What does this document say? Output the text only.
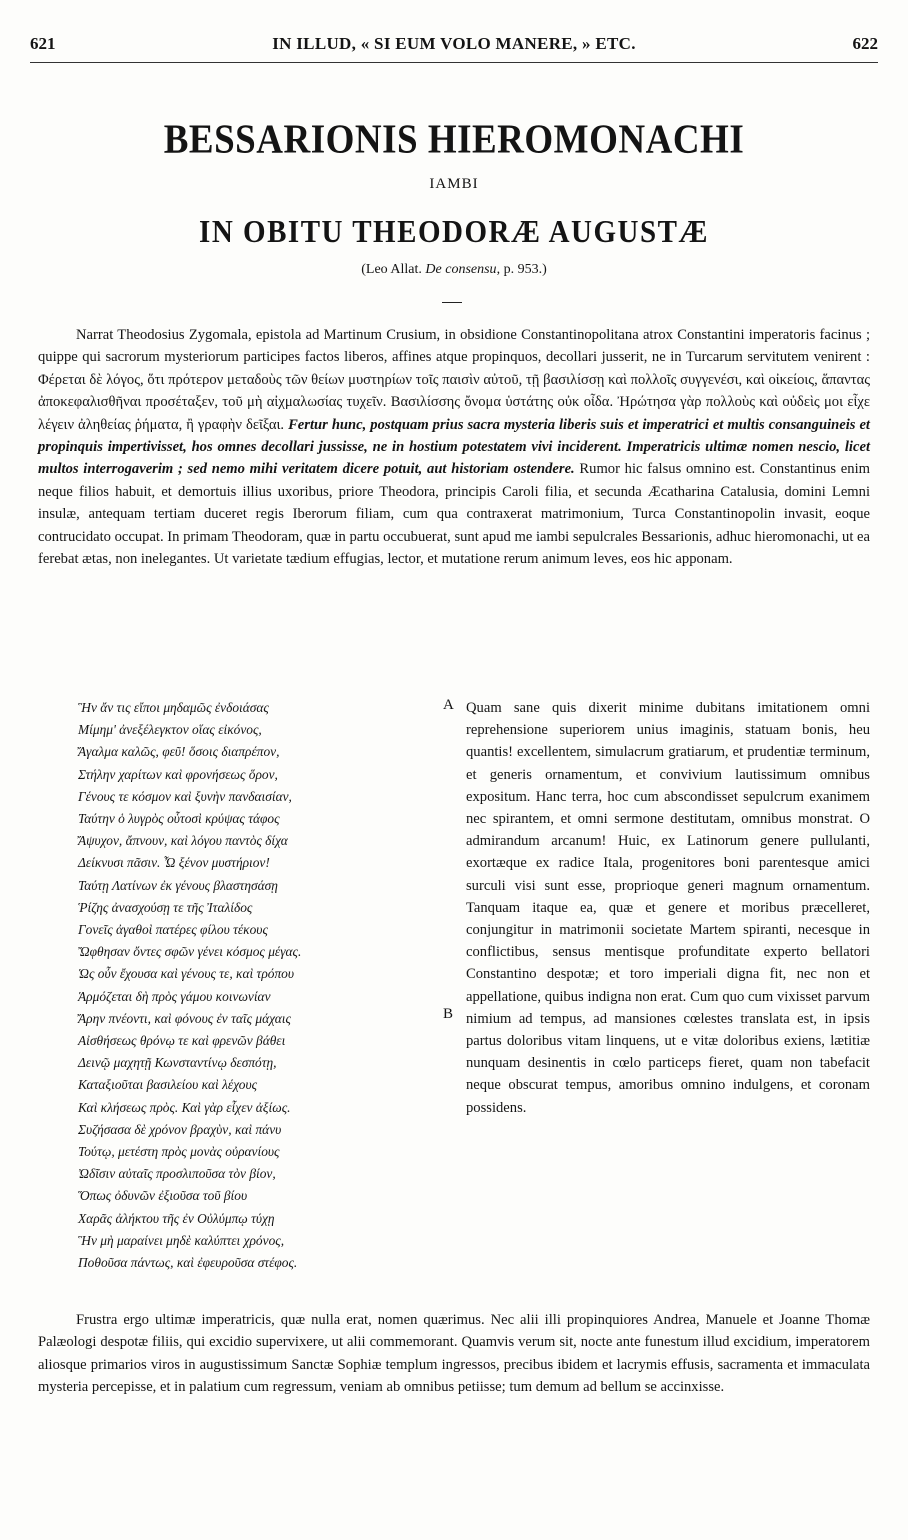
621	IN ILLUD, « SI EUM VOLO MANERE, » ETC.	622
BESSARIONIS HIEROMONACHI
IAMBI
IN OBITU THEODORÆ AUGUSTÆ
(Leo Allat. De consensu, p. 953.)

Narrat Theodosius Zygomala, epistola ad Martinum Crusium, in obsidione Constantinopolitana atrox Constantini imperatoris facinus ; quippe qui sacrorum mysteriorum participes factos liberos, affines atque propinquos, decollari jusserit, ne in Turcarum servitutem venirent : Φέρεται δὲ λόγος, ὅτι πρότερον μεταδοὺς τῶν θείων μυστηρίων τοῖς παισὶν αὐτοῦ, τῇ βασιλίσσῃ καὶ πολλοῖς συγγενέσι, καὶ οἰκείοις, ἅπαντας ἀποκεφαλισθῆναι προσέταξεν, τοῦ μὴ αἰχμαλωσίας τυχεῖν. Βασιλίσσης ὄνομα ὑστάτης οὐκ οἶδα. Ἠρώτησα γὰρ πολλοὺς καὶ οὐδεὶς μοι εἶχε λέγειν ἀληθείας ῥήματα, ἢ γραφὴν δεῖξαι. Fertur hunc, postquam prius sacra mysteria liberis suis et imperatrici et multis consanguineis et propinquis impertivisset, hos omnes decollari jussisse, ne in hostium potestatem vivi inciderent. Imperatricis ultimæ nomen nescio, licet multos interrogaverim ; sed nemo mihi veritatem dicere potuit, aut historiam ostendere. Rumor hic falsus omnino est. Constantinus enim neque filios habuit, et demortuis illius uxoribus, priore Theodora, principis Caroli filia, et secunda Æcatharina Catalusia, domini Lemni insulæ, antequam tertiam duceret regis Iberorum filiam, cum qua contraxerat matrimonium, Turca Constantinopolin invasit, eoque contrucidato occupat. In primam Theodoram, quæ in partu occubuerat, sunt apud me iambi sepulcrales Bessarionis, adhuc hieromonachi, ut ea ferebat ætas, non inelegantes. Ut varietate tædium effugias, lector, et mutatione rerum animum leves, eos hic apponam.

Ἣν ἄν τις εἴποι μηδαμῶς ἐνδοιάσας
Μίμημ' ἀνεξέλεγκτον οἵας εἰκόνος,
Ἄγαλμα καλῶς, φεῦ! ὅσοις διαπρέπον,
Στήλην χαρίτων καὶ φρονήσεως ὅρον,
Γένους τε κόσμον καὶ ξυνὴν πανδαισίαν,
Ταύτην ὁ λυγρὸς οὗτοσὶ κρύψας τάφος
Ἄψυχον, ἄπνουν, καὶ λόγου παντὸς δίχα
Δείκνυσι πᾶσιν. Ὦ ξένον μυστήριον!
Ταύτῃ Λατίνων ἐκ γένους βλαστησάσῃ
Ῥίζης ἀνασχούσῃ τε τῆς Ἰταλίδος
Γονεῖς ἀγαθοὶ πατέρες φίλου τέκους
Ὤφθησαν ὄντες σφῶν γένει κόσμος μέγας.
Ὡς οὖν ἔχουσα καὶ γένους τε, καὶ τρόπου
Ἁρμόζεται δὴ πρὸς γάμου κοινωνίαν
Ἄρην πνέοντι, καὶ φόνους ἐν ταῖς μάχαις
Αἰσθήσεως θρόνῳ τε καὶ φρενῶν βάθει
Δεινῷ μαχητῇ Κωνσταντίνῳ δεσπότῃ,
Καταξιοῦται βασιλείου καὶ λέχους
Καὶ κλήσεως πρὸς. Καὶ γὰρ εἶχεν ἀξίως.
Συζήσασα δὲ χρόνον βραχὺν, καὶ πάνυ
Τούτῳ, μετέστη πρὸς μονὰς οὐρανίους
Ὠδῖσιν αὐταῖς προσλιποῦσα τὸν βίον,
Ὅπως ὀδυνῶν ἐξιοῦσα τοῦ βίου
Χαρᾶς ἀλήκτου τῆς ἐν Οὐλύμπῳ τύχῃ
Ἣν μὴ μαραίνει μηδὲ καλύπτει χρόνος,
Ποθοῦσα πάντως, καὶ ἐφευροῦσα στέφος.
A
B

Quam sane quis dixerit minime dubitans imitationem omni reprehensione superiorem unius imaginis, statuam bonis, heu quantis! excellentem, simulacrum gratiarum, et prudentiæ terminum, et generis ornamentum, et convivium lautissimum omnibus expositum. Hanc terra, hoc cum abscondisset sepulcrum exanimem nec spirantem, et omni sermone destitutam, omnibus monstrat. O admirandum arcanum! Huic, ex Latinorum genere pullulanti, exortæque ex radice Itala, progenitores boni parentesque amici surculi visi sunt esse, proprioque generi magnum ornamentum. Tanquam itaque ea, quæ et genere et moribus præcelleret, conjungitur in matrimonii societate Martem spiranti, necesque in conflictibus, sensus mentisque profunditate experto bellatori Constantino despotæ; et toro imperiali digna fit, nec non et appellatione, quibus indigna non erat. Cum quo cum vixisset parvum nimium ad tempus, ad mansiones cœlestes translata est, in ipsis partus doloribus vitam linquens, ut e vitæ doloribus exiens, lætitiæ nunquam desinentis in cœlo particeps fieret, quam non tabefacit neque obscurat tempus, amoribus omnino indulgens, et coronam possidens.

Frustra ergo ultimæ imperatricis, quæ nulla erat, nomen quærimus. Nec alii illi propinquiores Andrea, Manuele et Joanne Thomæ Palæologi despotæ filiis, qui excidio supervixere, ut alii commemorant. Quamvis verum sit, nocte ante funestum illud excidium, imperatorem aliosque primarios viros in augustissimum Sanctæ Sophiæ templum ingressos, precibus ibidem et lacrymis effusis, sacramenta et immaculata mysteria percepisse, et in palatium cum regressum, veniam ab omnibus petiisse; tum demum ad bellum se accinxisse.
